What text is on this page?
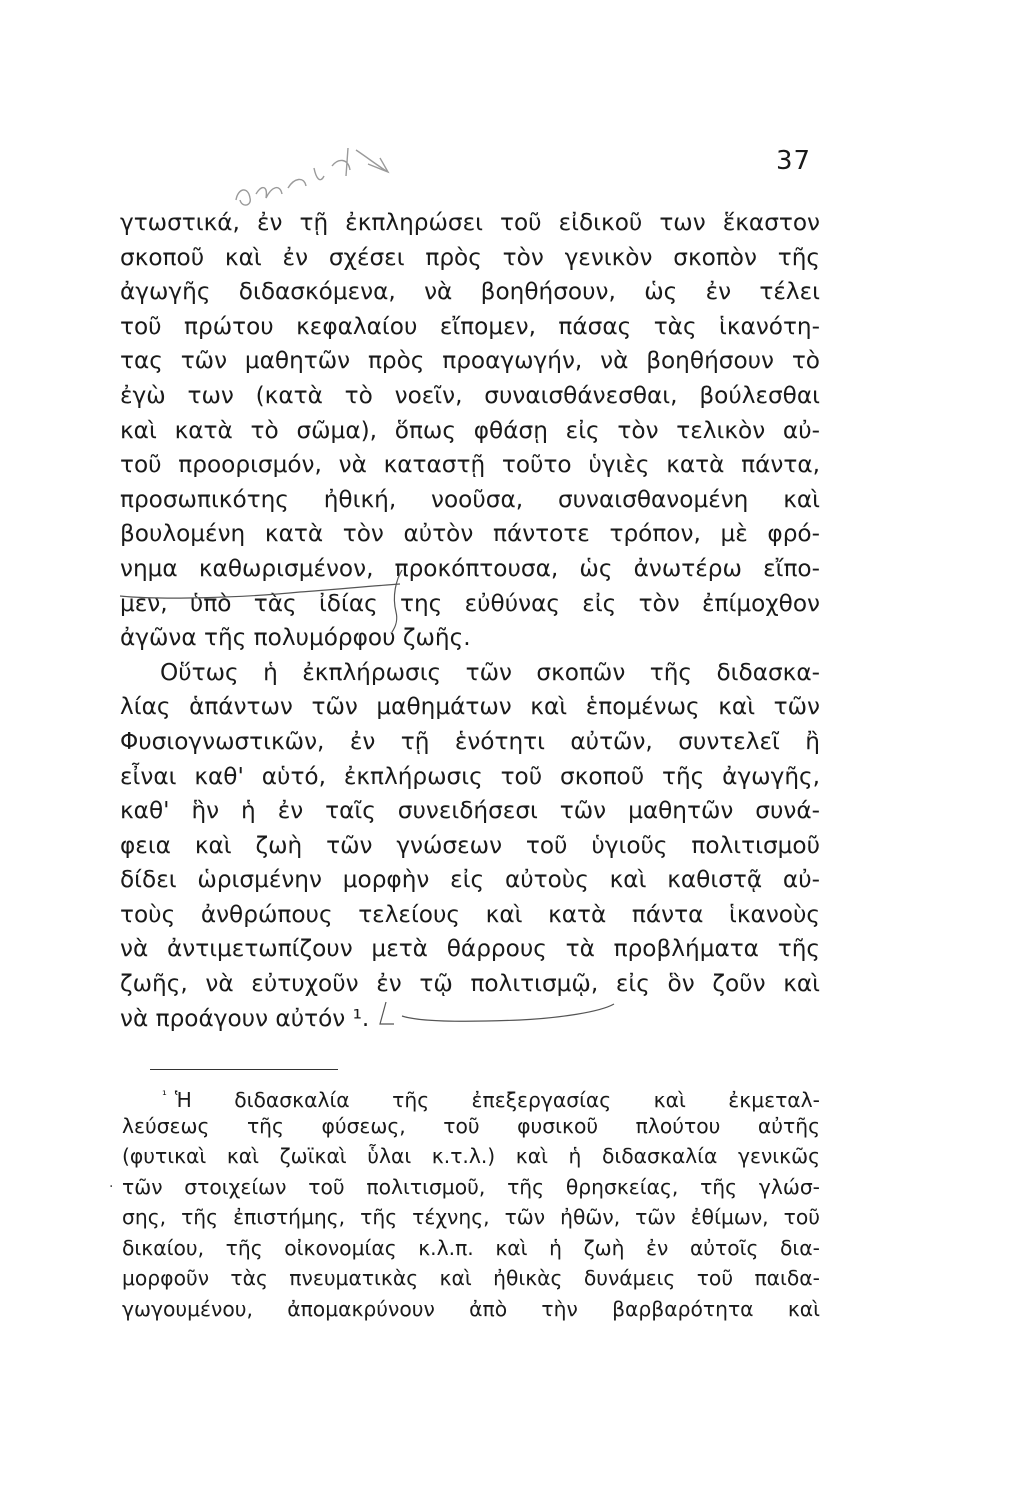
37
γτωστικά, ἐν τῇ ἐκπληρώσει τοῦ εἰδικοῦ των ἕκαστον
σκοποῦ καὶ ἐν σχέσει πρὸς τὸν γενικὸν σκοπὸν τῆς
ἀγωγῆς διδασκόμενα, νὰ βοηθήσουν, ὡς ἐν τέλει
τοῦ πρώτου κεφαλαίου εἴπομεν, πάσας τὰς ἱκανότη-
τας τῶν μαθητῶν πρὸς προαγωγήν, νὰ βοηθήσουν τὸ
ἐγὼ των (κατὰ τὸ νοεῖν, συναισθάνεσθαι, βούλεσθαι
καὶ κατὰ τὸ σῶμα), ὅπως φθάσῃ εἰς τὸν τελικὸν αὐ-
τοῦ προορισμόν, νὰ καταστῇ τοῦτο ὑγιὲς κατὰ πάντα,
προσωπικότης ἠθική, νοοῦσα, συναισθανομένη καὶ
βουλομένη κατὰ τὸν αὐτὸν πάντοτε τρόπον, μὲ φρό-
νημα καθωρισμένον, προκόπτουσα, ὡς ἀνωτέρω εἴπο-
μεν, ὑπὸ τὰς ἰδίας της εὐθύνας εἰς τὸν ἐπίμοχθον
ἀγῶνα τῆς πολυμόρφου ζωῆς.
Οὕτως ἡ ἐκπλήρωσις τῶν σκοπῶν τῆς διδασκα-
λίας ἁπάντων τῶν μαθημάτων καὶ ἑπομένως καὶ τῶν
Φυσιογνωστικῶν, ἐν τῇ ἑνότητι αὐτῶν, συντελεῖ ἢ
εἶναι καθ' αὑτό, ἐκπλήρωσις τοῦ σκοποῦ τῆς ἀγωγῆς,
καθ' ἣν ἡ ἐν ταῖς συνειδήσεσι τῶν μαθητῶν συνά-
φεια καὶ ζωὴ τῶν γνώσεων τοῦ ὑγιοῦς πολιτισμοῦ
δίδει ὡρισμένην μορφὴν εἰς αὐτοὺς καὶ καθιστᾷ αὐ-
τοὺς ἀνθρώπους τελείους καὶ κατὰ πάντα ἱκανοὺς
νὰ ἀντιμετωπίζουν μετὰ θάρρους τὰ προβλήματα τῆς
ζωῆς, νὰ εὐτυχοῦν ἐν τῷ πολιτισμῷ, εἰς ὃν ζοῦν καὶ
νὰ προάγουν αὐτόν ¹.
·
$^{^1}$ Ἡ διδασκαλία τῆς ἐπεξεργασίας καὶ ἐκμεταλ-
λεύσεως τῆς φύσεως, τοῦ φυσικοῦ πλούτου αὐτῆς
(φυτικαὶ καὶ ζωϊκαὶ ὗλαι κ.τ.λ.) καὶ ἡ διδασκαλία γενικῶς
τῶν στοιχείων τοῦ πολιτισμοῦ, τῆς θρησκείας, τῆς γλώσ-
σης, τῆς ἐπιστήμης, τῆς τέχνης, τῶν ἠθῶν, τῶν ἐθίμων, τοῦ
δικαίου, τῆς οἰκονομίας κ.λ.π. καὶ ἡ ζωὴ ἐν αὐτοῖς δια-
μορφοῦν τὰς πνευματικὰς καὶ ἠθικὰς δυνάμεις τοῦ παιδα-
γωγουμένου, ἀπομακρύνουν ἀπὸ τὴν βαρβαρότητα καὶ
